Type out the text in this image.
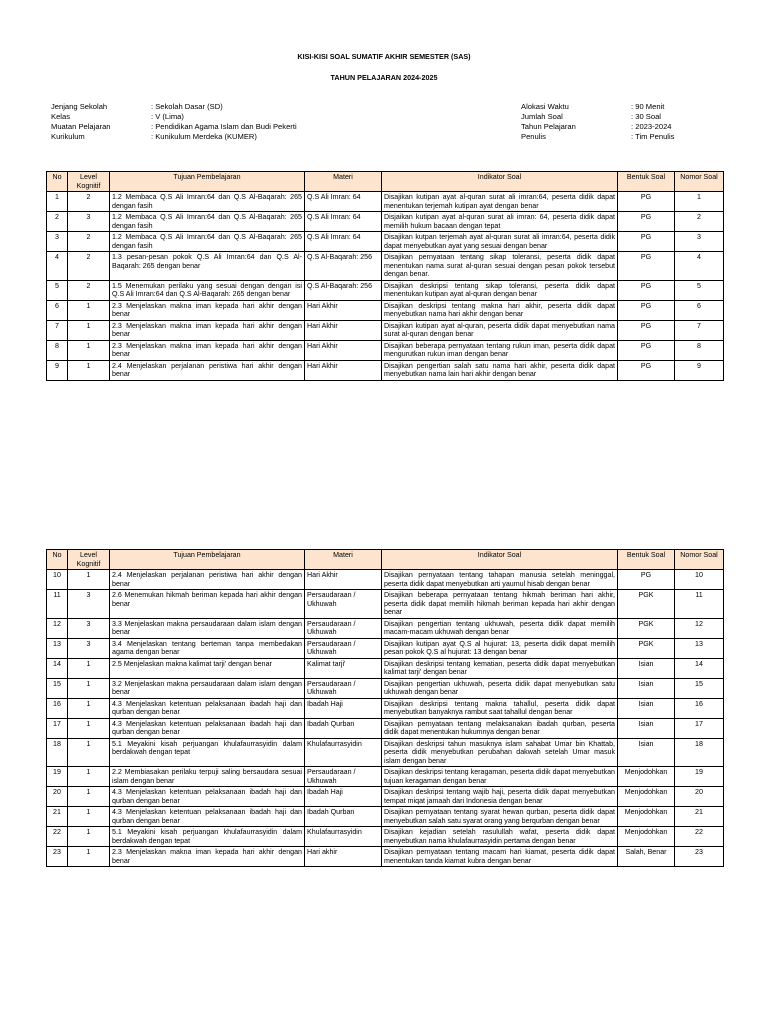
KISI-KISI SOAL SUMATIF AKHIR SEMESTER (SAS)
TAHUN PELAJARAN 2024-2025
Jenjang Sekolah	: Sekolah Dasar (SD)
Kelas	: V (Lima)
Muatan Pelajaran	: Pendidikan Agama Islam dan Budi Pekerti
Kurikulum	: Kunikulum Merdeka (KUMER)
Alokasi Waktu	: 90 Menit
Jumlah Soal	: 30 Soal
Tahun Pelajaran	: 2023-2024
Penulis	: Tim Penulis
No	Level Kognitif	Tujuan Pembelajaran	Materi	Indikator Soal	Bentuk Soal	Nomor Soal
1	2	1.2 Membaca Q.S Ali Imran:64 dan Q.S Al-Baqarah: 265 dengan fasih	Q.S Ali Imran: 64	Disajikan kutipan ayat al-quran surat ali imran:64, peserta didik dapat menentukan terjemah kutipan ayat dengan benar	PG	1
2	3	1.2 Membaca Q.S Ali Imran:64 dan Q.S Al-Baqarah: 265 dengan fasih	Q.S Ali Imran: 64	Disjaikan kutipan ayat al-quran surat ali imran: 64, peserta didik dapat memilih hukum bacaan dengan tepat	PG	2
3	2	1.2 Membaca Q.S Ali Imran:64 dan Q.S Al-Baqarah: 265 dengan fasih	Q.S Ali Imran: 64	Disajikan kutpan terjemah ayat al-quran surat ali imran:64, peserta didik dapat menyebutkan ayat yang sesuai dengan benar	PG	3
4	2	1.3 pesan-pesan pokok Q.S Ali Imran:64 dan Q.S Al-Baqarah: 265 dengan benar	Q.S Al-Baqarah: 256	Disajikan pernyataan tentang sikap toleransi, peserta didik dapat menentukan nama surat al-quran sesuai dengan pesan pokok tersebut dengan benar.	PG	4
5	2	1.5 Menemukan perilaku yang sesuai dengan dengan isi Q.S Ali Imran:64 dan Q.S Al-Baqarah: 265 dengan benar	Q.S Al-Baqarah: 256	Disajikan deskripsi tentang sikap toleransi, peserta didik dapat menentukan kutipan ayat al-quran dengan benar	PG	5
6	1	2.3 Menjelaskan makna iman kepada hari akhir dengan benar	Hari Akhir	Disajikan deskripsi tentang makna hari akhir, peserta didik dapat menyebutkan nama hari akhir dengan benar	PG	6
7	1	2.3 Menjelaskan makna iman kepada hari akhir dengan benar	Hari Akhir	Disajikan kutipan ayat al-quran, peserta didik dapat menyebutkan nama surat al-quran dengan benar	PG	7
8	1	2.3 Menjelaskan makna iman kepada hari akhir dengan benar	Hari Akhir	Disajikan beberapa pernyataan tentang rukun iman, peserta didik dapat mengurutkan rukun iman dengan benar	PG	8
9	1	2.4 Menjelaskan perjalanan peristiwa hari akhir dengan benar	Hari Akhir	Disajikan pengertian salah satu nama hari akhir, peserta didik dapat menyebutkan nama lain hari akhir dengan benar	PG	9
No	Level Kognitif	Tujuan Pembelajaran	Materi	Indikator Soal	Bentuk Soal	Nomor Soal
10	1	2.4 Menjelaskan perjalanan peristiwa hari akhir dengan benar	Hari Akhir	Disajikan pernyataan tentang tahapan manusia setelah meninggal, peserta didik dapat menyebutkan arti yaumul hisab dengan benar	PG	10
11	3	2.6 Menemukan hikmah beriman kepada hari akhir dengan benar	Persaudaraan / Ukhuwah	Disajikan beberapa pernyataan tentang hikmah beriman hari akhir, peserta didik dapat memilih hikmah beriman kepada hari akhir dengan benar	PGK	11
12	3	3.3 Menjelaskan makna persaudaraan dalam islam dengan benar	Persaudaraan / Ukhuwah	Disajikan pengertian tentang ukhuwah, peserta didik dapat memilih macam-macam ukhuwah dengan benar	PGK	12
13	3	3.4 Menjelaskan tentang berteman tanpa membedakan agama dengan benar	Persaudaraan / Ukhuwah	Disajikan kutipan ayat Q.S al hujurat: 13, peserta didik dapat memilih pesan pokok Q.S al hujurat: 13 dengan benar	PGK	13
14	1	2.5 Menjelaskan makna kalimat tarji' dengan benar	Kalimat tarji'	Disajikan deskripsi tentang kematian, peserta didik dapat menyebutkan kalimat tarji' dengan benar	Isian	14
15	1	3.2 Menjelaskan makna persaudaraan dalam islam dengan benar	Persaudaraan / Ukhuwah	Disajikan pengertian ukhuwah, peserta didik dapat menyebutkan satu ukhuwah dengan benar	Isian	15
16	1	4.3 Menjelaskan ketentuan pelaksanaan ibadah haji dan qurban dengan benar	Ibadah Haji	Disajikan deskripsi tentang makna tahallul, peserta didik dapat menyebutkan banyaknya rambut saat tahallul dengan benar	Isian	16
17	1	4.3 Menjelaskan ketentuan pelaksanaan ibadah haji dan qurban dengan benar	Ibadah Qurban	Disajikan pernyataan tentang melaksanakan ibadah qurban, peserta didik dapat menentukan hukumnya dengan benar	Isian	17
18	1	5.1 Meyakini kisah perjuangan khulafaurrasyidin dalam berdakwah dengan tepat	Khulafaurrasyidin	Disajikan deskripsi tahun masuknya islam sahabat Umar bin Khattab, peserta didik menyebutkan perubahan dakwah setelah Umar masuk islam dengan benar	Isian	18
19	1	2.2 Membiasakan perilaku terpuji saling bersaudara sesuai islam dengan benar	Persaudaraan / Ukhuwah	Disajikan deskripsi tentang keragaman, peserta didik dapat menyebutkan tujuan keragaman dengan benar	Menjodohkan	19
20	1	4.3 Menjelaskan ketentuan pelaksanaan ibadah haji dan qurban dengan benar	Ibadah Haji	Disajikan deskripsi tentang wajib haji, peserta didik dapat menyebutkan tempat miqat jamaah dari Indonesia dengan benar	Menjodohkan	20
21	1	4.3 Menjelaskan ketentuan pelaksanaan ibadah haji dan qurban dengan benar	Ibadah Qurban	Disajikan pernyataan tentang syarat hewan qurban, peserta didik dapat menyebutkan salah satu syarat orang yang berqurban dengan benar	Menjodohkan	21
22	1	5.1 Meyakini kisah perjuangan khulafaurrasyidin dalam berdakwah dengan tepat	Khulafaurrasyidin	Disajikan kejadian setelah rasulullah wafat, peserta didik dapat menyebutkan nama khulafaurrasyidin pertama dengan benar	Menjodohkan	22
23	1	2.3 Menjelaskan makna iman kepada hari akhir dengan benar	Hari akhir	Disajikan pernyataan tentang macam hari kiamat, peserta didik dapat menentukan tanda kiamat kubra dengan benar	Salah, Benar	23
